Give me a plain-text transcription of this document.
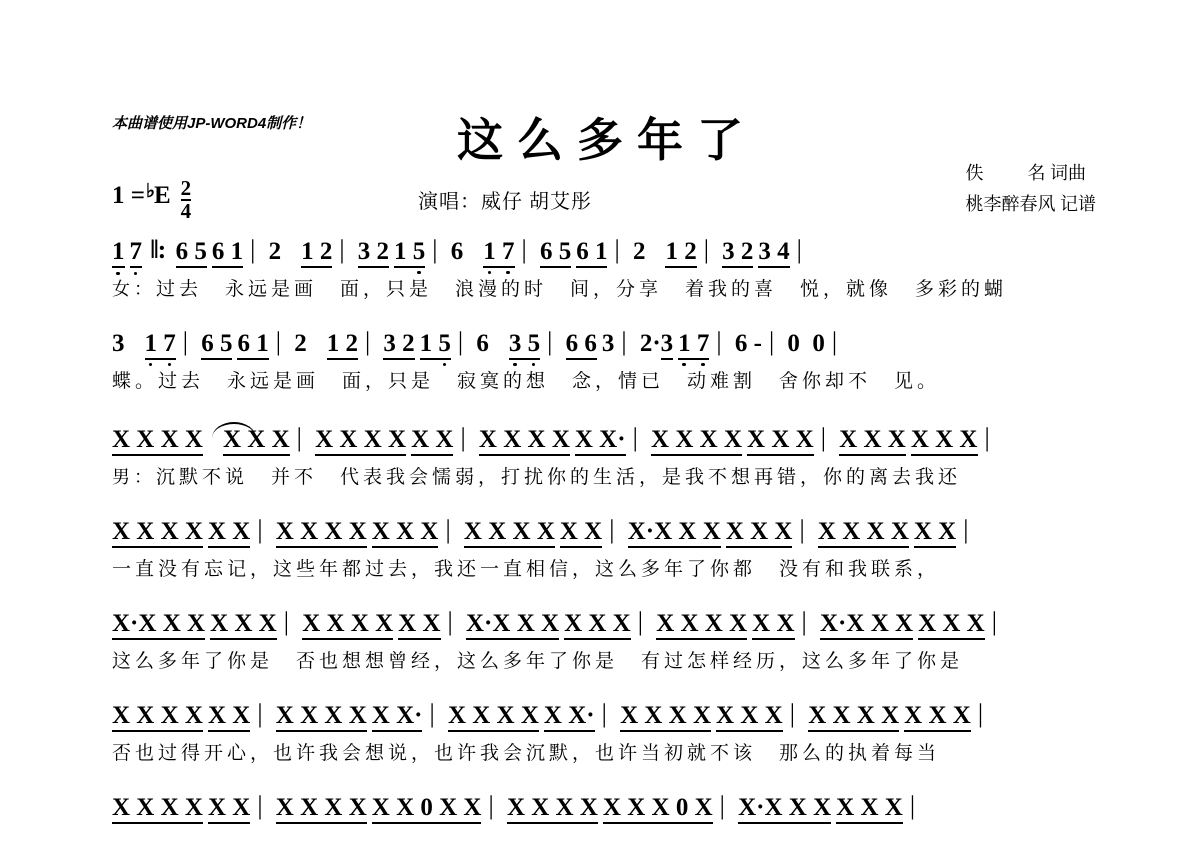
本曲谱使用JP-WORD4制作！	这么多年了
演唱：威仔 胡艾彤
佚 名 词曲
桃李醉春风 记谱
1 = ♭ E $\frac{2}{4}$
1 7 ‖: 6 5 6 1 | 2 1 2 | 3 2 1 5 | 6 1 7 | 6 5 6 1 | 2 1 2 | 3 2 3 4 |
女：过去　永远是画　面，只是　浪漫的时　间，分享　着我的喜　悦，就像　多彩的蝴
3 1 7 | 6 5 6 1 | 2 1 2 | 3 2 1 5 | 6 3 5 | 6 6 3 | 2·3 1 7 | 6 - | 0  0 |
蝶。过去　永远是画　面，只是　寂寞的想　念，情已　动难割　舍你却不　见。
X X X X X X X | X X X X X X | X X X X X X· | X X X X X X X | X X X X X X |
男：沉默不说　并不　代表我会懦弱，打扰你的生活，是我不想再错，你的离去我还
X X X X X X | X X X X X X X | X X X X X X | X·X X X X X X | X X X X X X |
一直没有忘记，这些年都过去，我还一直相信，这么多年了你都　没有和我联系，
X·X X X X X X | X X X X X X | X·X X X X X X | X X X X X X | X·X X X X X X |
这么多年了你是　否也想想曾经，这么多年了你是　有过怎样经历，这么多年了你是
X X X X X X | X X X X X X· | X X X X X X· | X X X X X X X | X X X X X X X |
否也过得开心，也许我会想说，也许我会沉默，也许当初就不该　那么的执着每当
X X X X X X | X X X X X X 0 X X | X X X X X X X 0 X | X·X X X X X X |
